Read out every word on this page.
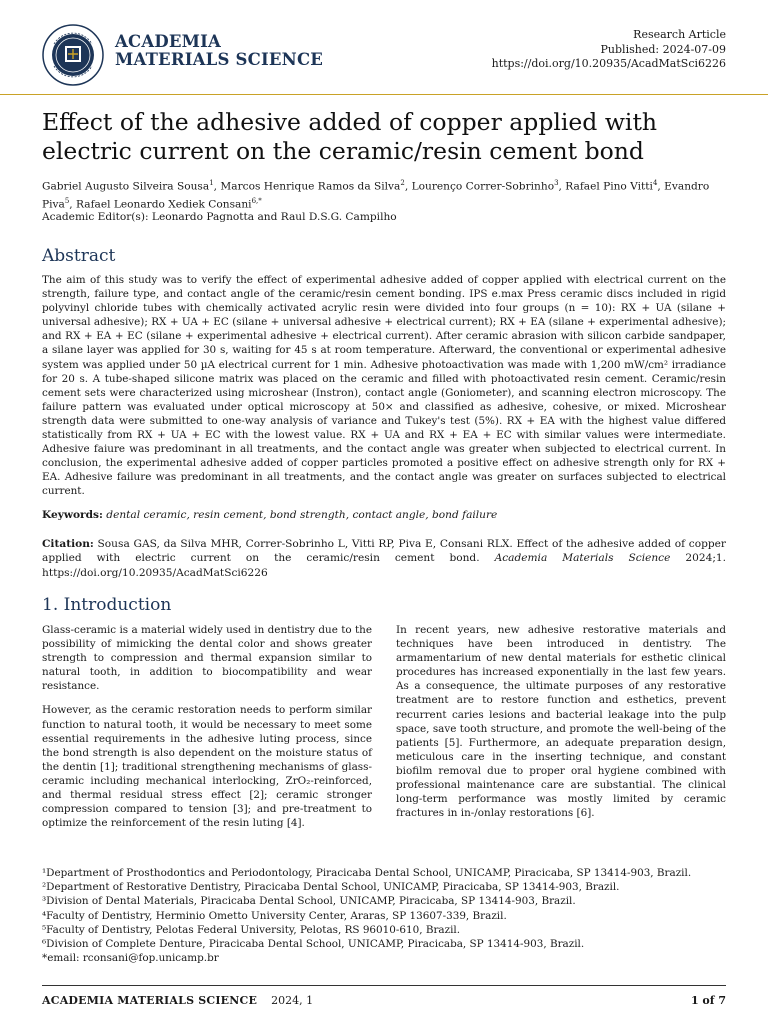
ACADEMIA
MATERIALS SCIENCE
Research Article
Published: 2024-07-09
https://doi.org/10.20935/AcadMatSci6226
Effect of the adhesive added of copper applied with electric current on the ceramic/resin cement bond
Gabriel Augusto Silveira Sousa$^1$, Marcos Henrique Ramos da Silva$^2$, Lourenço Correr-Sobrinho$^3$, Rafael Pino Vitti$^4$, Evandro Piva$^5$, Rafael Leonardo Xediek Consani$^{6,*}$
Academic Editor(s): Leonardo Pagnotta and Raul D.S.G. Campilho
Abstract
The aim of this study was to verify the effect of experimental adhesive added of copper applied with electrical current on the strength, failure type, and contact angle of the ceramic/resin cement bonding. IPS e.max Press ceramic discs included in rigid polyvinyl chloride tubes with chemically activated acrylic resin were divided into four groups (n = 10): RX + UA (silane + universal adhesive); RX + UA + EC (silane + universal adhesive + electrical current); RX + EA (silane + experimental adhesive); and RX + EA + EC (silane + experimental adhesive + electrical current). After ceramic abrasion with silicon carbide sandpaper, a silane layer was applied for 30 s, waiting for 45 s at room temperature. Afterward, the conventional or experimental adhesive system was applied under 50 µA electrical current for 1 min. Adhesive photoactivation was made with 1,200 mW/cm² irradiance for 20 s. A tube-shaped silicone matrix was placed on the ceramic and filled with photoactivated resin cement. Ceramic/resin cement sets were characterized using microshear (Instron), contact angle (Goniometer), and scanning electron microscopy. The failure pattern was evaluated under optical microscopy at 50× and classified as adhesive, cohesive, or mixed. Microshear strength data were submitted to one-way analysis of variance and Tukey's test (5%). RX + EA with the highest value differed statistically from RX + UA + EC with the lowest value. RX + UA and RX + EA + EC with similar values were intermediate. Adhesive faiure was predominant in all treatments, and the contact angle was greater when subjected to electrical current. In conclusion, the experimental adhesive added of copper particles promoted a positive effect on adhesive strength only for RX + EA. Adhesive failure was predominant in all treatments, and the contact angle was greater on surfaces subjected to electrical current.
Keywords: dental ceramic, resin cement, bond strength, contact angle, bond failure
Citation: Sousa GAS, da Silva MHR, Correr-Sobrinho L, Vitti RP, Piva E, Consani RLX. Effect of the adhesive added of copper applied with electric current on the ceramic/resin cement bond. Academia Materials Science 2024;1. https://doi.org/10.20935/AcadMatSci6226
1. Introduction

Glass-ceramic is a material widely used in dentistry due to the possibility of mimicking the dental color and shows greater strength to compression and thermal expansion similar to natural tooth, in addition to biocompatibility and wear resistance.

However, as the ceramic restoration needs to perform similar function to natural tooth, it would be necessary to meet some essential requirements in the adhesive luting process, since the bond strength is also dependent on the moisture status of the dentin [1]; traditional strengthening mechanisms of glass-ceramic including mechanical interlocking, ZrO₂-reinforced, and thermal residual stress effect [2]; ceramic stronger compression compared to tension [3]; and pre-treatment to optimize the reinforcement of the resin luting [4].

In recent years, new adhesive restorative materials and techniques have been introduced in dentistry. The armamentarium of new dental materials for esthetic clinical procedures has increased exponentially in the last few years. As a consequence, the ultimate purposes of any restorative treatment are to restore function and esthetics, prevent recurrent caries lesions and bacterial leakage into the pulp space, save tooth structure, and promote the well-being of the patients [5]. Furthermore, an adequate preparation design, meticulous care in the inserting technique, and constant biofilm removal due to proper oral hygiene combined with professional maintenance care are substantial. The clinical long-term performance was mostly limited by ceramic fractures in in-/onlay restorations [6].

¹Department of Prosthodontics and Periodontology, Piracicaba Dental School, UNICAMP, Piracicaba, SP 13414-903, Brazil.
²Department of Restorative Dentistry, Piracicaba Dental School, UNICAMP, Piracicaba, SP 13414-903, Brazil.
³Division of Dental Materials, Piracicaba Dental School, UNICAMP, Piracicaba, SP 13414-903, Brazil.
⁴Faculty of Dentistry, Herminio Ometto University Center, Araras, SP 13607-339, Brazil.
⁵Faculty of Dentistry, Pelotas Federal University, Pelotas, RS 96010-610, Brazil.
⁶Division of Complete Denture, Piracicaba Dental School, UNICAMP, Piracicaba, SP 13414-903, Brazil.
*email: rconsani@fop.unicamp.br
ACADEMIA MATERIALS SCIENCE 2024, 1	1 of 7
